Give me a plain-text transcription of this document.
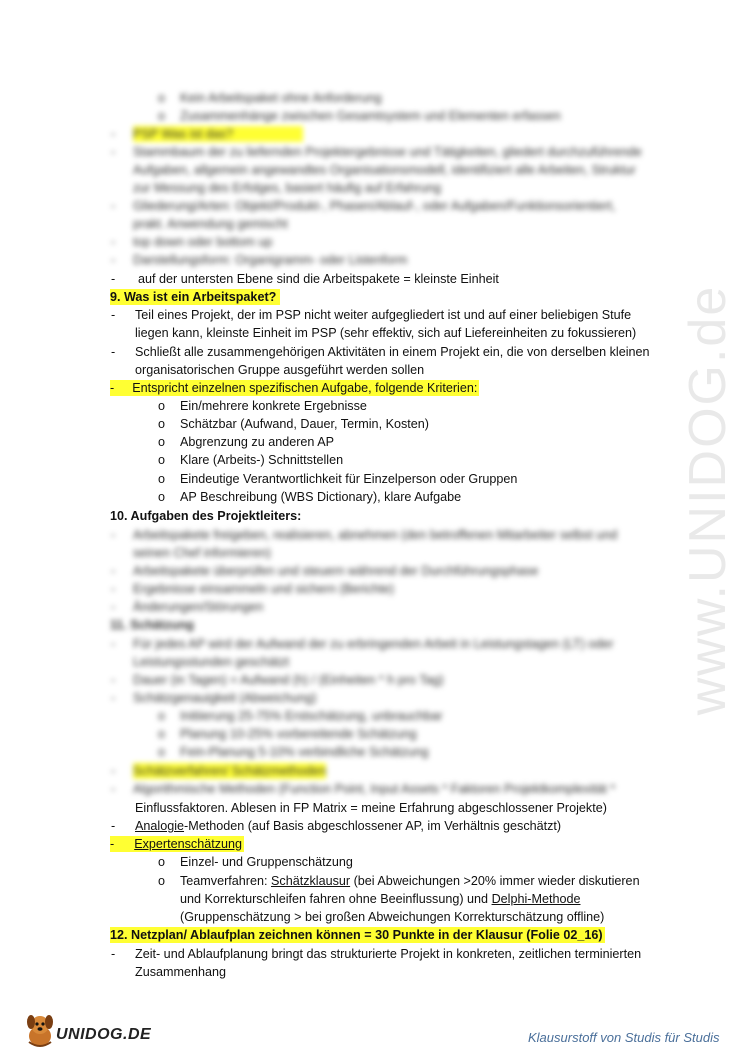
www.UNIDOG.de
o Kein Arbeitspaket ohne Anforderung
o Zusammenhänge zwischen Gesamtsystem und Elementen erfassen
- PSP Was ist das?
- Stammbaum der zu liefernden Projektergebnisse und Tätigkeiten, gliedert durchzuführende
Aufgaben, allgemein angewandtes Organisationsmodell, identifiziert alle Arbeiten, Struktur
zur Messung des Erfolges, basiert häufig auf Erfahrung
- Gliederung/Arten: Objekt/Produkt-, Phasen/Ablauf-, oder Aufgaben/Funktionsorientiert,
prakt. Anwendung gemischt
- top down oder bottom up
- Darstellungsform: Organigramm- oder Listenform
- auf der untersten Ebene sind die Arbeitspakete = kleinste Einheit
9. Was ist ein Arbeitspaket?
- Teil eines Projekt, der im PSP nicht weiter aufgegliedert ist und auf einer beliebigen Stufe
liegen kann, kleinste Einheit im PSP (sehr effektiv, sich auf Liefereinheiten zu fokussieren)
- Schließt alle zusammengehörigen Aktivitäten in einem Projekt ein, die von derselben kleinen
organisatorischen Gruppe ausgeführt werden sollen
- Entspricht einzelnen spezifischen Aufgabe, folgende Kriterien:
o Ein/mehrere konkrete Ergebnisse
o Schätzbar (Aufwand, Dauer, Termin, Kosten)
o Abgrenzung zu anderen AP
o Klare (Arbeits-) Schnittstellen
o Eindeutige Verantwortlichkeit für Einzelperson oder Gruppen
o AP Beschreibung (WBS Dictionary), klare Aufgabe
10. Aufgaben des Projektleiters:
- Arbeitspakete freigeben, realisieren, abnehmen (den betroffenen Mitarbeiter selbst und
seinen Chef informieren)
- Arbeitspakete überprüfen und steuern während der Durchführungsphase
- Ergebnisse einsammeln und sichern (Berichte)
- Änderungen/Störungen
11. Schätzung
- Für jedes AP wird der Aufwand der zu erbringenden Arbeit in Leistungstagen (LT) oder
Leistungsstunden geschätzt
- Dauer (in Tagen) = Aufwand (h) / (Einheiten * h pro Tag)
- Schätzgenauigkeit (Abweichung)
o Initiierung 25-75% Erstschätzung, unbrauchbar
o Planung 10-25% vorbereitende Schätzung
o Fein-Planung 5-10% verbindliche Schätzung
- Schätzverfahren/ Schätzmethoden
- Algorithmische Methoden (Function Point, Input Assets * Faktoren Projektkomplexität *
Einflussfaktoren. Ablesen in FP Matrix = meine Erfahrung abgeschlossener Projekte)
- Analogie-Methoden (auf Basis abgeschlossener AP, im Verhältnis geschätzt)
- Expertenschätzung
o Einzel- und Gruppenschätzung
o Teamverfahren: Schätzklausur (bei Abweichungen >20% immer wieder diskutieren
und Korrekturschleifen fahren ohne Beeinflussung) und Delphi-Methode
(Gruppenschätzung > bei großen Abweichungen Korrekturschätzung offline)
12. Netzplan/ Ablaufplan zeichnen können = 30 Punkte in der Klausur (Folie 02_16)
- Zeit- und Ablaufplanung bringt das strukturierte Projekt in konkreten, zeitlichen terminierten
Zusammenhang
UNIDOG.DE	Klausurstoff von Studis für Studis
